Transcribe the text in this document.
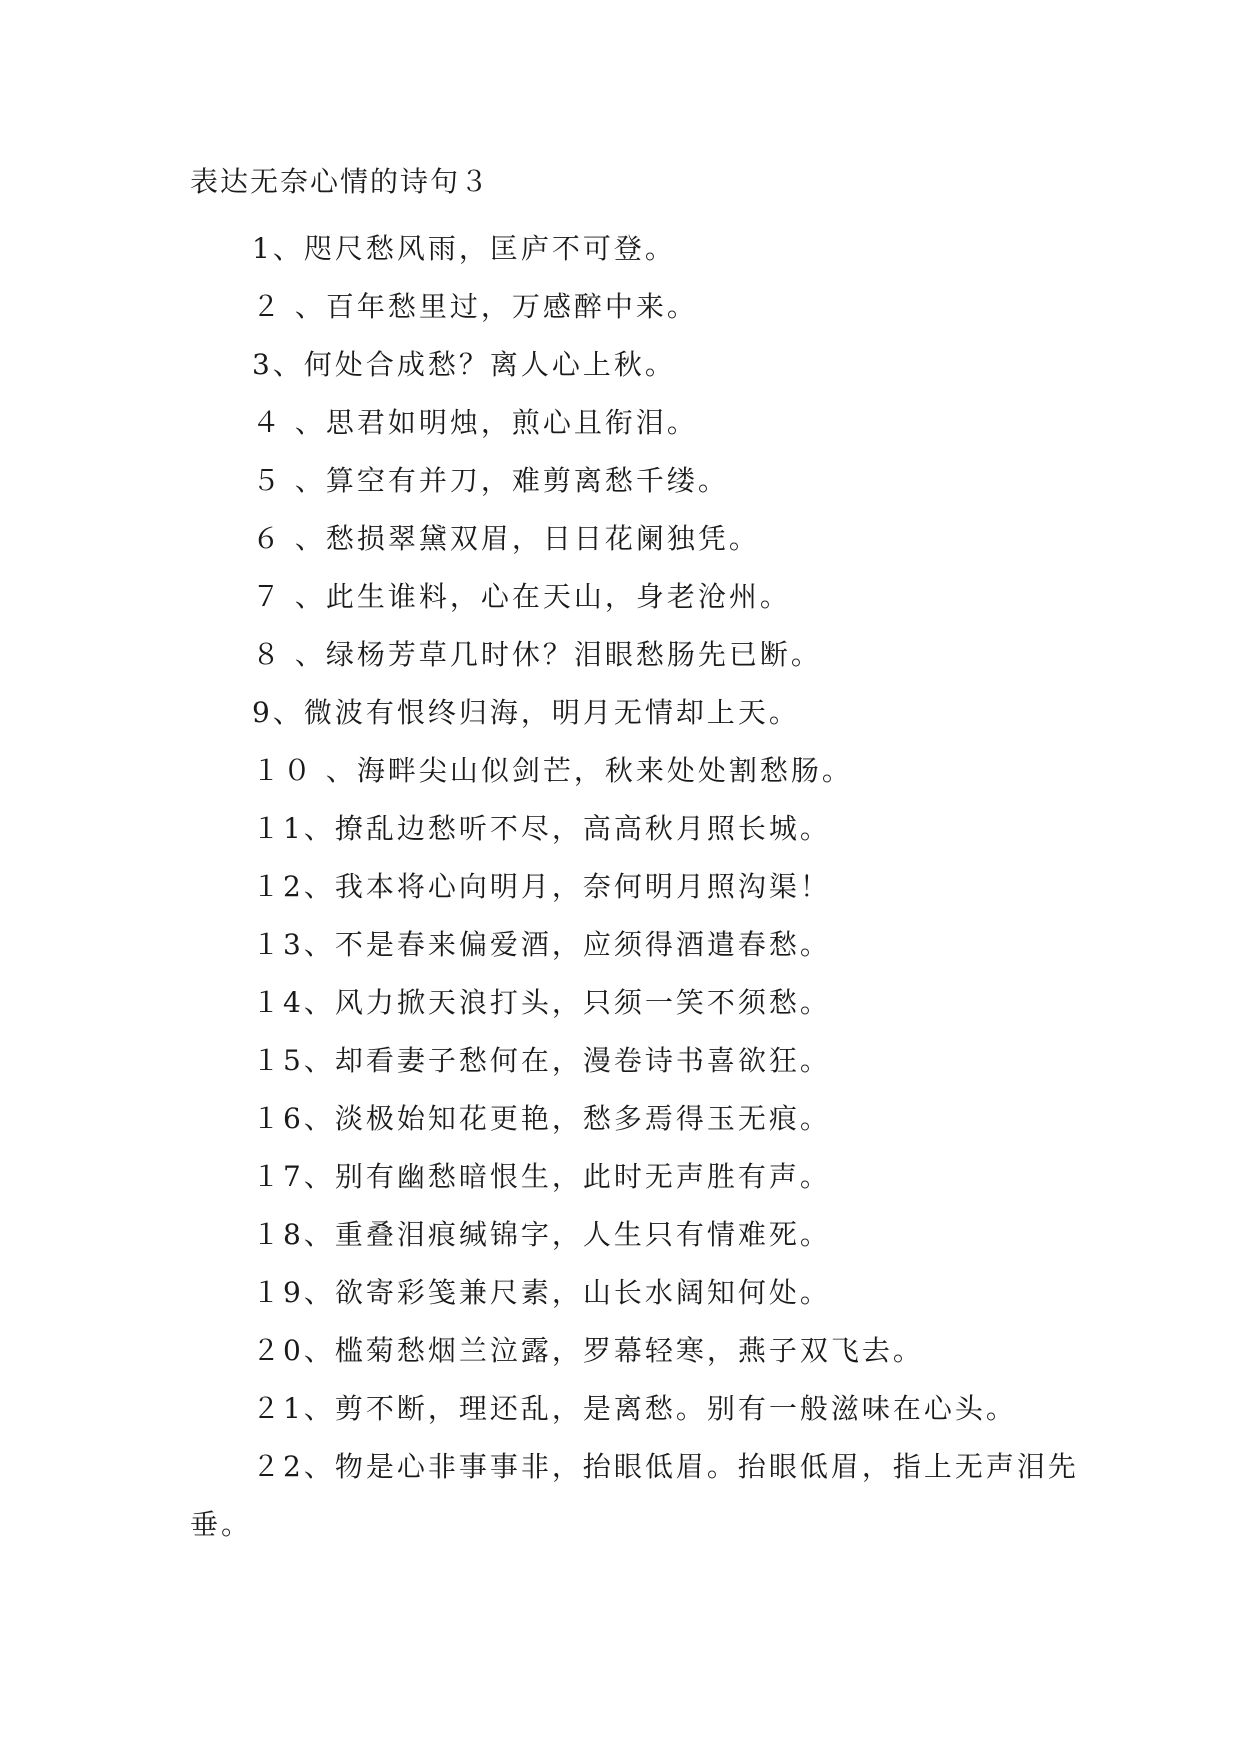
表达无奈心情的诗句３
1、咫尺愁风雨，匡庐不可登。
２ 、百年愁里过，万感醉中来。
3、何处合成愁？离人心上秋。
４ 、思君如明烛，煎心且衔泪。
５ 、算空有并刀，难剪离愁千缕。
６ 、愁损翠黛双眉，日日花阑独凭。
７ 、此生谁料，心在天山，身老沧州。
８ 、绿杨芳草几时休？泪眼愁肠先已断。
9、微波有恨终归海，明月无情却上天。
１０ 、海畔尖山似剑芒，秋来处处割愁肠。
１1、撩乱边愁听不尽，高高秋月照长城。
１2、我本将心向明月，奈何明月照沟渠！
１3、不是春来偏爱酒，应须得酒遣春愁。
１4、风力掀天浪打头，只须一笑不须愁。
１5、却看妻子愁何在，漫卷诗书喜欲狂。
１6、淡极始知花更艳，愁多焉得玉无痕。
１7、别有幽愁暗恨生，此时无声胜有声。
１8、重叠泪痕缄锦字，人生只有情难死。
１9、欲寄彩笺兼尺素，山长水阔知何处。
２0、槛菊愁烟兰泣露，罗幕轻寒，燕子双飞去。
２1、剪不断，理还乱，是离愁。别有一般滋味在心头。
２2、物是心非事事非，抬眼低眉。抬眼低眉，指上无声泪先垂。
